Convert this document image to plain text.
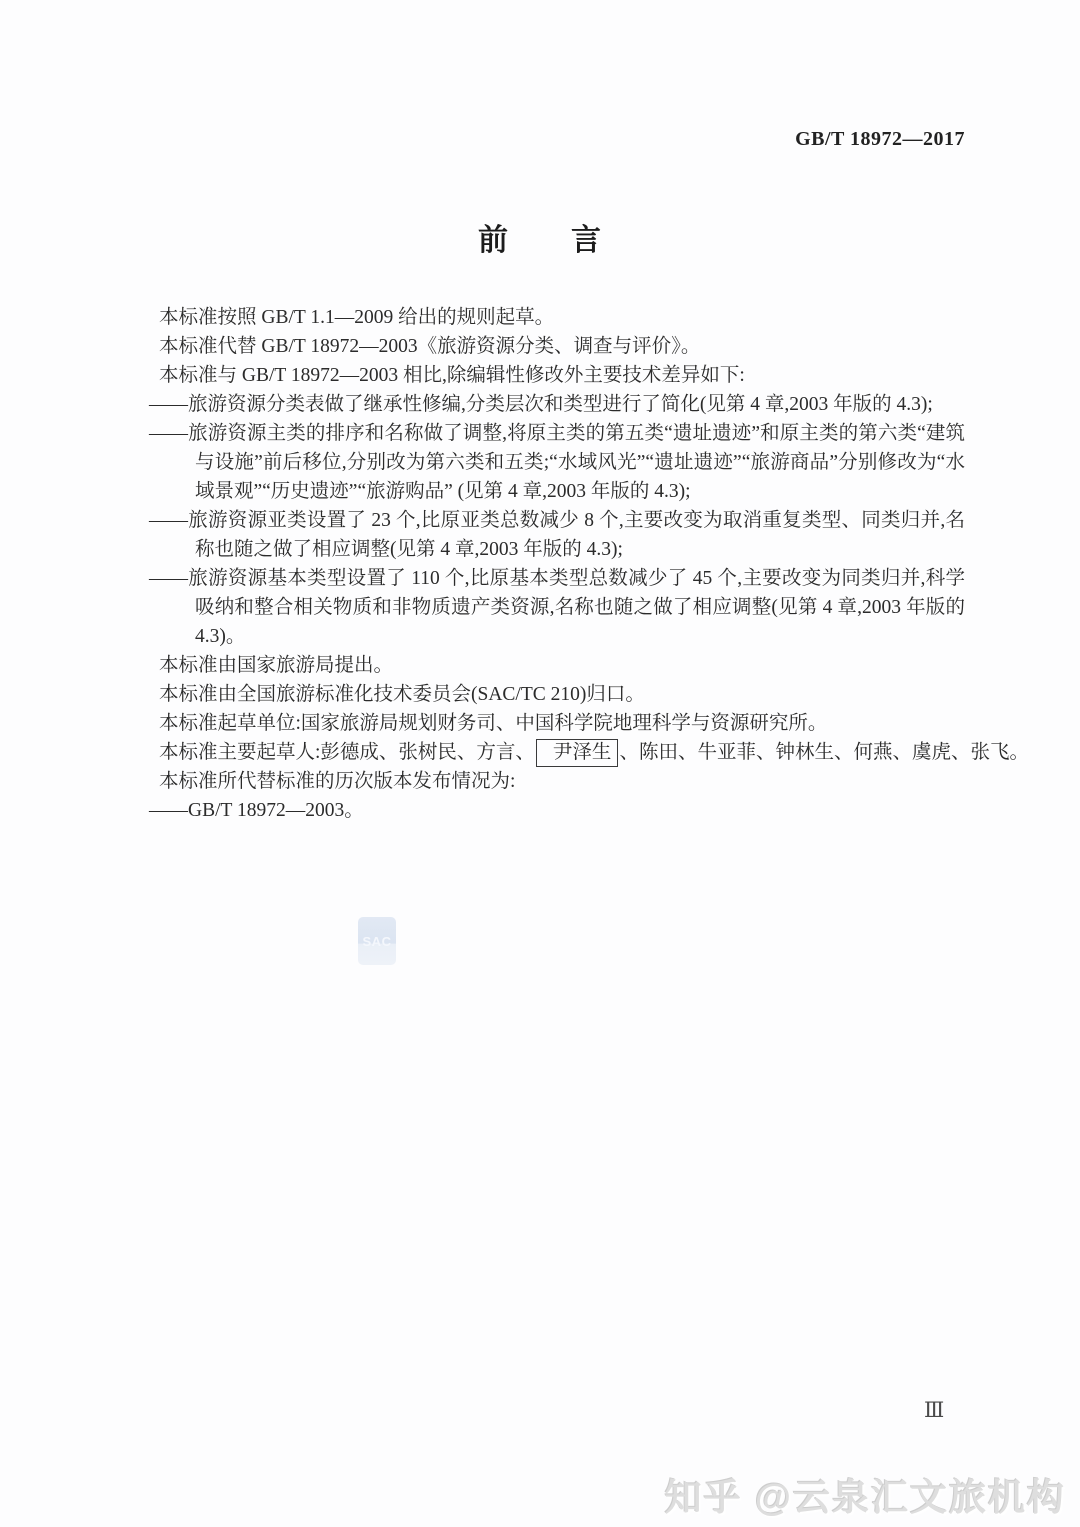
GB/T 18972—2017
前　　言

本标准按照 GB/T 1.1—2009 给出的规则起草。

本标准代替 GB/T 18972—2003《旅游资源分类、调查与评价》。

本标准与 GB/T 18972—2003 相比,除编辑性修改外主要技术差异如下:

——旅游资源分类表做了继承性修编,分类层次和类型进行了简化(见第 4 章,2003 年版的 4.3);

——旅游资源主类的排序和名称做了调整,将原主类的第五类“遗址遗迹”和原主类的第六类“建筑与设施”前后移位,分别改为第六类和五类;“水域风光”“遗址遗迹”“旅游商品”分别修改为“水域景观”“历史遗迹”“旅游购品” (见第 4 章,2003 年版的 4.3);

——旅游资源亚类设置了 23 个,比原亚类总数减少 8 个,主要改变为取消重复类型、同类归并,名称也随之做了相应调整(见第 4 章,2003 年版的 4.3);

——旅游资源基本类型设置了 110 个,比原基本类型总数减少了 45 个,主要改变为同类归并,科学吸纳和整合相关物质和非物质遗产类资源,名称也随之做了相应调整(见第 4 章,2003 年版的 4.3)。

本标准由国家旅游局提出。

本标准由全国旅游标准化技术委员会(SAC/TC 210)归口。

本标准起草单位:国家旅游局规划财务司、中国科学院地理科学与资源研究所。

本标准主要起草人:彭德成、张树民、方言、 尹泽生 、陈田、牛亚菲、钟林生、何燕、虞虎、张飞。

本标准所代替标准的历次版本发布情况为:

——GB/T 18972—2003。

SAC
Ⅲ
知乎 @云泉汇文旅机构
